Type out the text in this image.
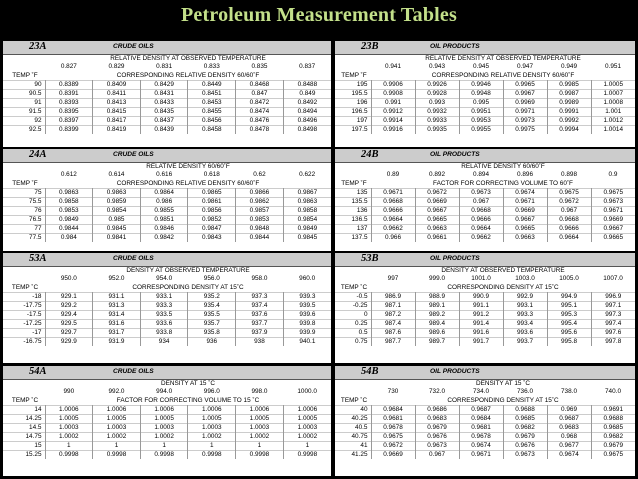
Petroleum Measurement Tables
23A	CRUDE OILS
	RELATIVE DENSITY AT OBSERVED TEMPERATURE					
	0.827	0.829	0.831	0.833	0.835	0.837
TEMP ˚F	CORRESPONDING RELATIVE DENSITY 60/60˚F					
90	0.8389	0.8409	0.8429	0.8449	0.8468	0.8488
90.5	0.8391	0.8411	0.8431	0.8451	0.847	0.849
91	0.8393	0.8413	0.8433	0.8453	0.8472	0.8492
91.5	0.8395	0.8415	0.8435	0.8455	0.8474	0.8494
92	0.8397	0.8417	0.8437	0.8456	0.8476	0.8496
92.5	0.8399	0.8419	0.8439	0.8458	0.8478	0.8498
23B	OIL PRODUCTS
	RELATIVE DENSITY AT OBSERVED TEMPERATURE					
	0.941	0.943	0.945	0.947	0.949	0.951
TEMP ˚F	CORRESPONDING RELATIVE DENSITY 60/60˚F					
195	0.9906	0.9926	0.9946	0.9965	0.9985	1.0005
195.5	0.9908	0.9928	0.9948	0.9967	0.9987	1.0007
196	0.991	0.993	0.995	0.9969	0.9989	1.0008
196.5	0.9912	0.9932	0.9951	0.9971	0.9991	1.001
197	0.9914	0.9933	0.9953	0.9973	0.9992	1.0012
197.5	0.9916	0.9935	0.9955	0.9975	0.9994	1.0014
24A	CRUDE OILS
	RELATIVE DENSITY 60/60˚F					
	0.612	0.614	0.616	0.618	0.62	0.622
TEMP ˚F	CORRESPONDING RELATIVE DENSITY 60/60˚F					
75	0.9863	0.9863	0.9864	0.9865	0.9866	0.9867
75.5	0.9858	0.9859	0.986	0.9861	0.9862	0.9863
76	0.9853	0.9854	0.9855	0.9856	0.9857	0.9858
76.5	0.9849	0.985	0.9851	0.9852	0.9853	0.9854
77	0.9844	0.9845	0.9846	0.9847	0.9848	0.9849
77.5	0.984	0.9841	0.9842	0.9843	0.9844	0.9845
24B	OIL PRODUCTS
	RELATIVE DENSITY 60/60˚F					
	0.89	0.892	0.894	0.896	0.898	0.9
TEMP ˚F	FACTOR FOR CORRECTING VOLUME TO 60˚F					
135	0.9671	0.9672	0.9673	0.9674	0.9675	0.9675
135.5	0.9668	0.9669	0.967	0.9671	0.9672	0.9673
136	0.9666	0.9667	0.9668	0.9669	0.967	0.9671
136.5	0.9664	0.9665	0.9666	0.9667	0.9668	0.9669
137	0.9662	0.9663	0.9664	0.9665	0.9666	0.9667
137.5	0.966	0.9661	0.9662	0.9663	0.9664	0.9665
53A	CRUDE OILS
	DENSITY AT OBSERVED TEMPERATURE					
	950.0	952.0	954.0	956.0	958.0	960.0
TEMP ˚C	CORRESPONDING DENSITY AT 15˚C					
-18	929.1	931.1	933.1	935.2	937.3	939.3
-17.75	929.2	931.3	933.3	935.4	937.4	939.5
-17.5	929.4	931.4	933.5	935.5	937.6	939.6
-17.25	929.5	931.6	933.6	935.7	937.7	939.8
-17	929.7	931.7	933.8	935.8	937.9	939.9
-16.75	929.9	931.9	934	936	938	940.1
53B	OIL PRODUCTS
	DENSITY AT OBSERVED TEMPERATURE					
	997	999.0	1001.0	1003.0	1005.0	1007.0
TEMP ˚C	CORRESPONDING DENSITY AT 15˚C					
-0.5	986.9	988.9	990.9	992.9	994.9	996.9
-0.25	987.1	989.1	991.1	993.1	995.1	997.1
0	987.2	989.2	991.2	993.3	995.3	997.3
0.25	987.4	989.4	991.4	993.4	995.4	997.4
0.5	987.6	989.6	991.6	993.6	995.6	997.6
0.75	987.7	989.7	991.7	993.7	995.8	997.8
54A	CRUDE OILS
	DENSITY AT 15 ˚C					
	990	992.0	994.0	996.0	998.0	1000.0
TEMP ˚C	FACTOR FOR CORRECTING VOLUME TO 15 ˚C					
14	1.0006	1.0006	1.0006	1.0006	1.0006	1.0006
14.25	1.0005	1.0005	1.0005	1.0005	1.0005	1.0005
14.5	1.0003	1.0003	1.0003	1.0003	1.0003	1.0003
14.75	1.0002	1.0002	1.0002	1.0002	1.0002	1.0002
15	1	1	1	1	1	1
15.25	0.9998	0.9998	0.9998	0.9998	0.9998	0.9998
54B	OIL PRODUCTS
	DENSITY AT 15 ˚C					
	730	732.0	734.0	736.0	738.0	740.0
TEMP ˚C	CORRESPONDING DENSITY AT 15˚C					
40	0.9684	0.9686	0.9687	0.9688	0.969	0.9691
40.25	0.9681	0.9683	0.9684	0.9685	0.9687	0.9688
40.5	0.9678	0.9679	0.9681	0.9682	0.9683	0.9685
40.75	0.9675	0.9676	0.9678	0.9679	0.968	0.9682
41	0.9672	0.9673	0.9674	0.9676	0.9677	0.9679
41.25	0.9669	0.967	0.9671	0.9673	0.9674	0.9675
